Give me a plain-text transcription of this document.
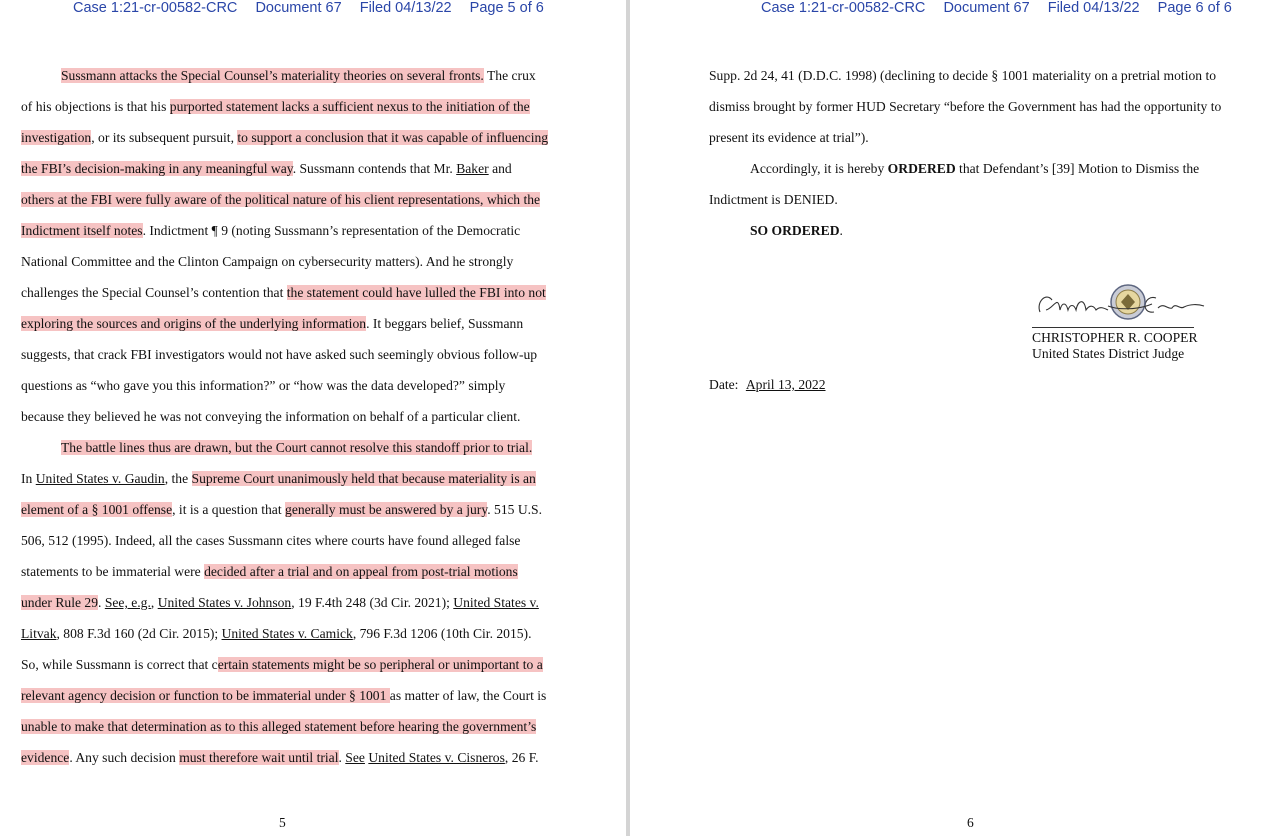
Case 1:21-cr-00582-CRC Document 67 Filed 04/13/22 Page 5 of 6
Sussmann attacks the Special Counsel’s materiality theories on several fronts. The crux
of his objections is that his purported statement lacks a sufficient nexus to the initiation of the
investigation, or its subsequent pursuit, to support a conclusion that it was capable of influencing
the FBI’s decision-making in any meaningful way. Sussmann contends that Mr. Baker and
others at the FBI were fully aware of the political nature of his client representations, which the
Indictment itself notes. Indictment ¶ 9 (noting Sussmann’s representation of the Democratic
National Committee and the Clinton Campaign on cybersecurity matters). And he strongly
challenges the Special Counsel’s contention that the statement could have lulled the FBI into not
exploring the sources and origins of the underlying information. It beggars belief, Sussmann
suggests, that crack FBI investigators would not have asked such seemingly obvious follow-up
questions as “who gave you this information?” or “how was the data developed?” simply
because they believed he was not conveying the information on behalf of a particular client.
The battle lines thus are drawn, but the Court cannot resolve this standoff prior to trial.
In United States v. Gaudin, the Supreme Court unanimously held that because materiality is an
element of a § 1001 offense, it is a question that generally must be answered by a jury. 515 U.S.
506, 512 (1995). Indeed, all the cases Sussmann cites where courts have found alleged false
statements to be immaterial were decided after a trial and on appeal from post-trial motions
under Rule 29. See, e.g., United States v. Johnson, 19 F.4th 248 (3d Cir. 2021); United States v.
Litvak, 808 F.3d 160 (2d Cir. 2015); United States v. Camick, 796 F.3d 1206 (10th Cir. 2015).
So, while Sussmann is correct that certain statements might be so peripheral or unimportant to a
relevant agency decision or function to be immaterial under § 1001 as matter of law, the Court is
unable to make that determination as to this alleged statement before hearing the government’s
evidence. Any such decision must therefore wait until trial. See United States v. Cisneros, 26 F.
5
Case 1:21-cr-00582-CRC Document 67 Filed 04/13/22 Page 6 of 6
Supp. 2d 24, 41 (D.D.C. 1998) (declining to decide § 1001 materiality on a pretrial motion to
dismiss brought by former HUD Secretary “before the Government has had the opportunity to
present its evidence at trial”).
Accordingly, it is hereby ORDERED that Defendant’s [39] Motion to Dismiss the
Indictment is DENIED.
SO ORDERED.
CHRISTOPHER R. COOPER
United States District Judge
Date: April 13, 2022
6
